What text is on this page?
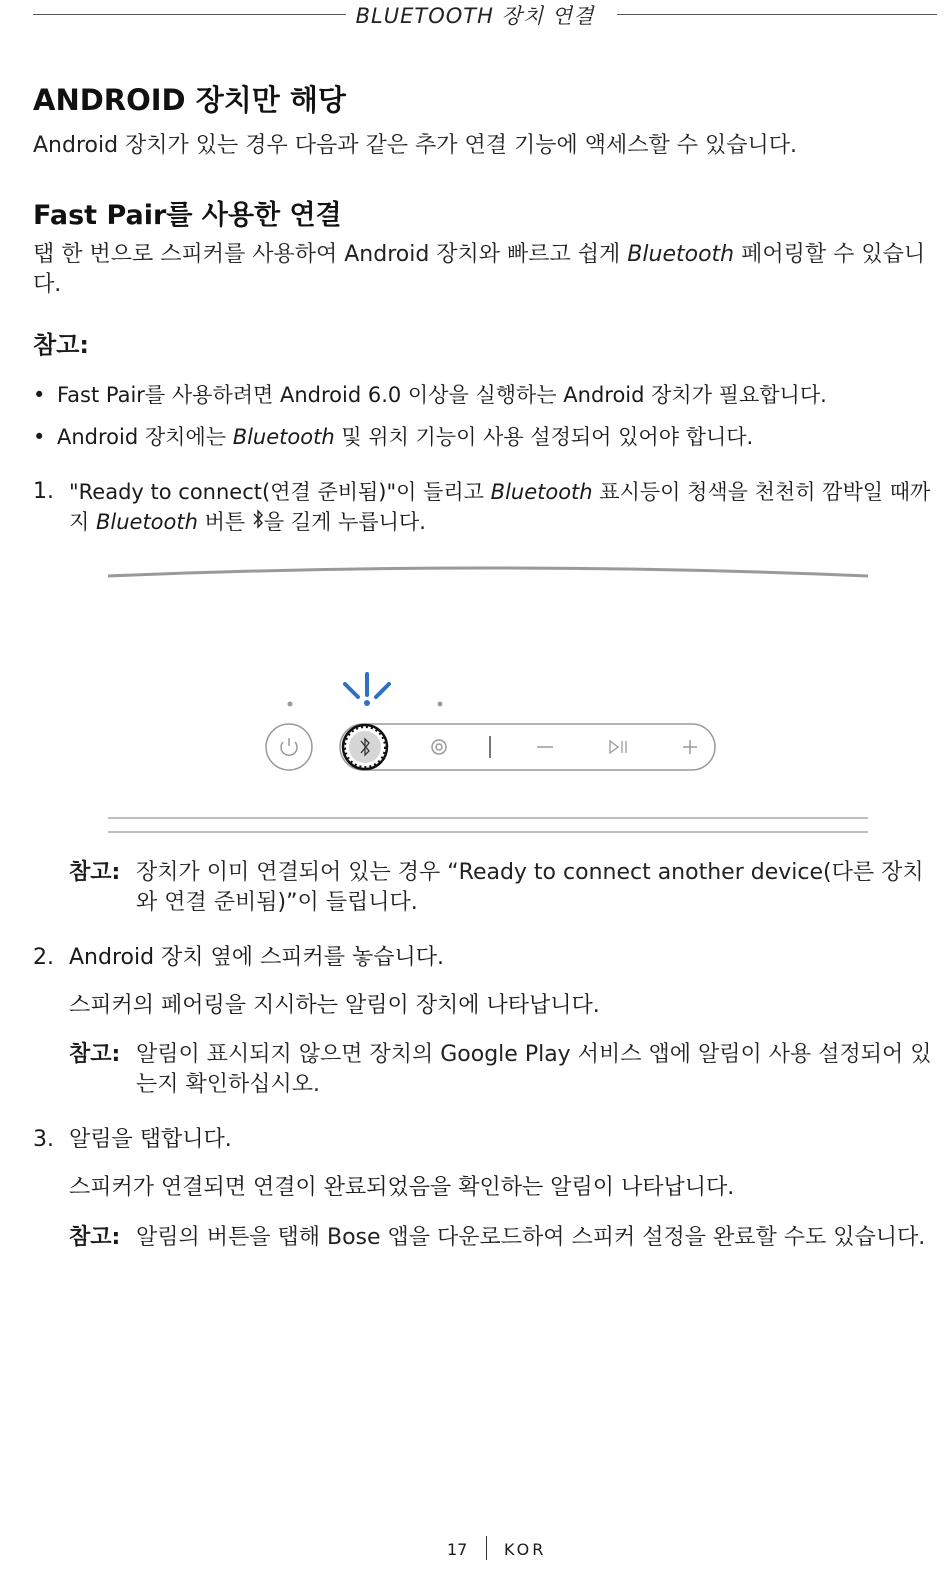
BLUETOOTH 장치 연결
ANDROID 장치만 해당
Android 장치가 있는 경우 다음과 같은 추가 연결 기능에 액세스할 수 있습니다.
Fast Pair를 사용한 연결
탭 한 번으로 스피커를 사용하여 Android 장치와 빠르고 쉽게 Bluetooth 페어링할 수 있습니다.
참고:
• Fast Pair를 사용하려면 Android 6.0 이상을 실행하는 Android 장치가 필요합니다.
• Android 장치에는 Bluetooth 및 위치 기능이 사용 설정되어 있어야 합니다.
1. "Ready to connect(연결 준비됨)"이 들리고 Bluetooth 표시등이 청색을 천천히 깜박일 때까지 Bluetooth 버튼 을 길게 누릅니다.
참고: 장치가 이미 연결되어 있는 경우 “Ready to connect another device(다른 장치와 연결 준비됨)”이 들립니다.
2. Android 장치 옆에 스피커를 놓습니다.
스피커의 페어링을 지시하는 알림이 장치에 나타납니다.
참고: 알림이 표시되지 않으면 장치의 Google Play 서비스 앱에 알림이 사용 설정되어 있는지 확인하십시오.
3. 알림을 탭합니다.
스피커가 연결되면 연결이 완료되었음을 확인하는 알림이 나타납니다.
참고: 알림의 버튼을 탭해 Bose 앱을 다운로드하여 스피커 설정을 완료할 수도 있습니다.
17 KOR
